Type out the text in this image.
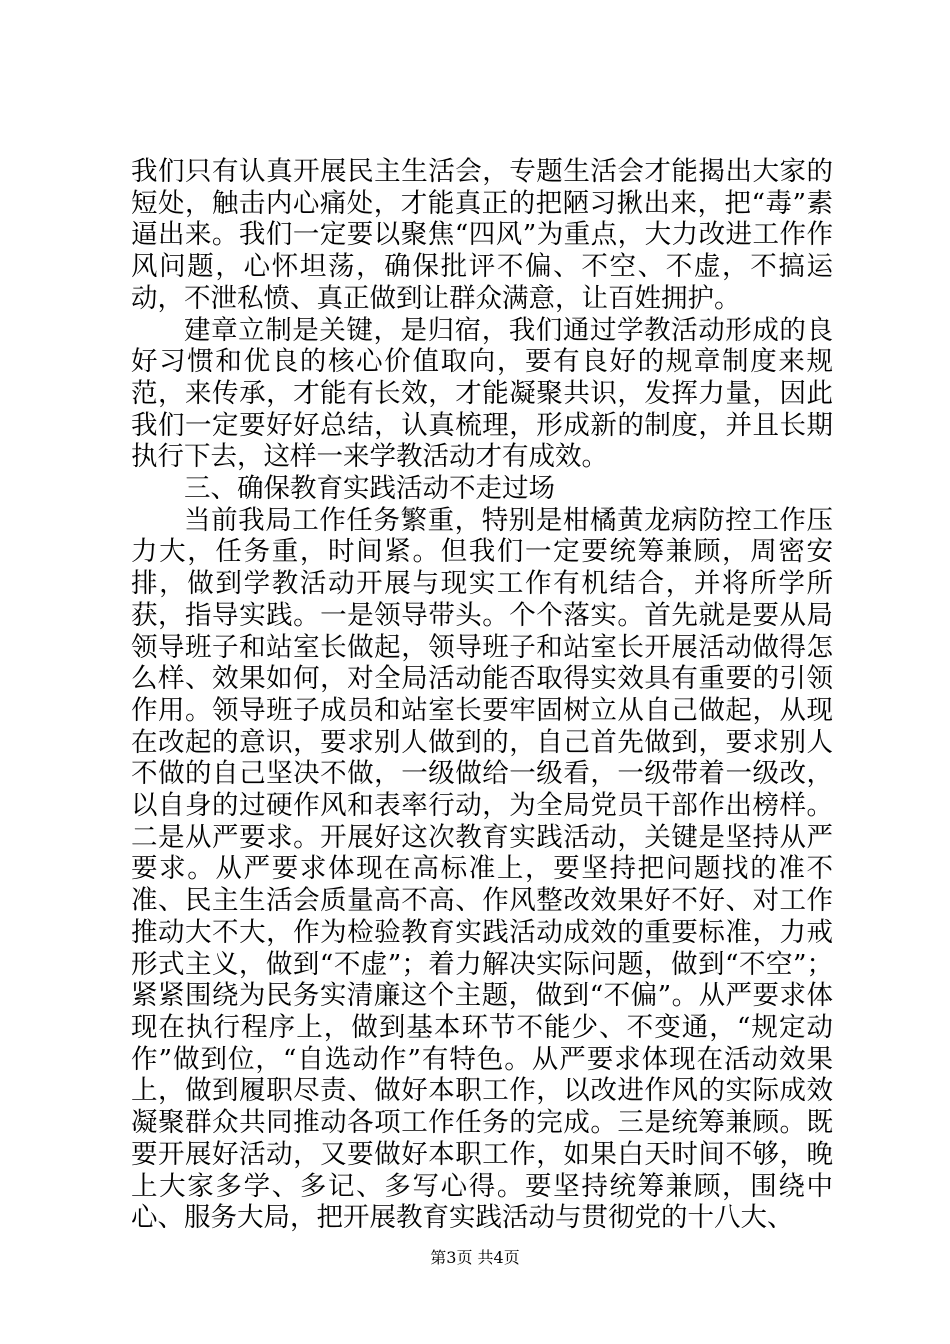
我们只有认真开展民主生活会，专题生活会才能揭出大家的短处，触击内心痛处，才能真正的把陋习揪出来，把“毒”素逼出来。我们一定要以聚焦“四风”为重点，大力改进工作作风问题，心怀坦荡，确保批评不偏、不空、不虚，不搞运动，不泄私愤、真正做到让群众满意，让百姓拥护。

建章立制是关键，是归宿，我们通过学教活动形成的良好习惯和优良的核心价值取向，要有良好的规章制度来规范，来传承，才能有长效，才能凝聚共识，发挥力量，因此我们一定要好好总结，认真梳理，形成新的制度，并且长期执行下去，这样一来学教活动才有成效。

三、确保教育实践活动不走过场

当前我局工作任务繁重，特别是柑橘黄龙病防控工作压力大，任务重，时间紧。但我们一定要统筹兼顾，周密安排，做到学教活动开展与现实工作有机结合，并将所学所获，指导实践。一是领导带头。个个落实。首先就是要从局领导班子和站室长做起，领导班子和站室长开展活动做得怎么样、效果如何，对全局活动能否取得实效具有重要的引领作用。领导班子成员和站室长要牢固树立从自己做起，从现在改起的意识，要求别人做到的，自己首先做到，要求别人不做的自己坚决不做，一级做给一级看，一级带着一级改，以自身的过硬作风和表率行动，为全局党员干部作出榜样。二是从严要求。开展好这次教育实践活动，关键是坚持从严要求。从严要求体现在高标准上，要坚持把问题找的准不准、民主生活会质量高不高、作风整改效果好不好、对工作推动大不大，作为检验教育实践活动成效的重要标准，力戒形式主义，做到“不虚”；着力解决实际问题，做到“不空”；紧紧围绕为民务实清廉这个主题，做到“不偏”。从严要求体现在执行程序上，做到基本环节不能少、不变通，“规定动作”做到位，“自选动作”有特色。从严要求体现在活动效果上，做到履职尽责、做好本职工作，以改进作风的实际成效凝聚群众共同推动各项工作任务的完成。三是统筹兼顾。既要开展好活动，又要做好本职工作，如果白天时间不够，晚上大家多学、多记、多写心得。要坚持统筹兼顾，围绕中心、服务大局，把开展教育实践活动与贯彻党的十八大、

第3页 共4页
